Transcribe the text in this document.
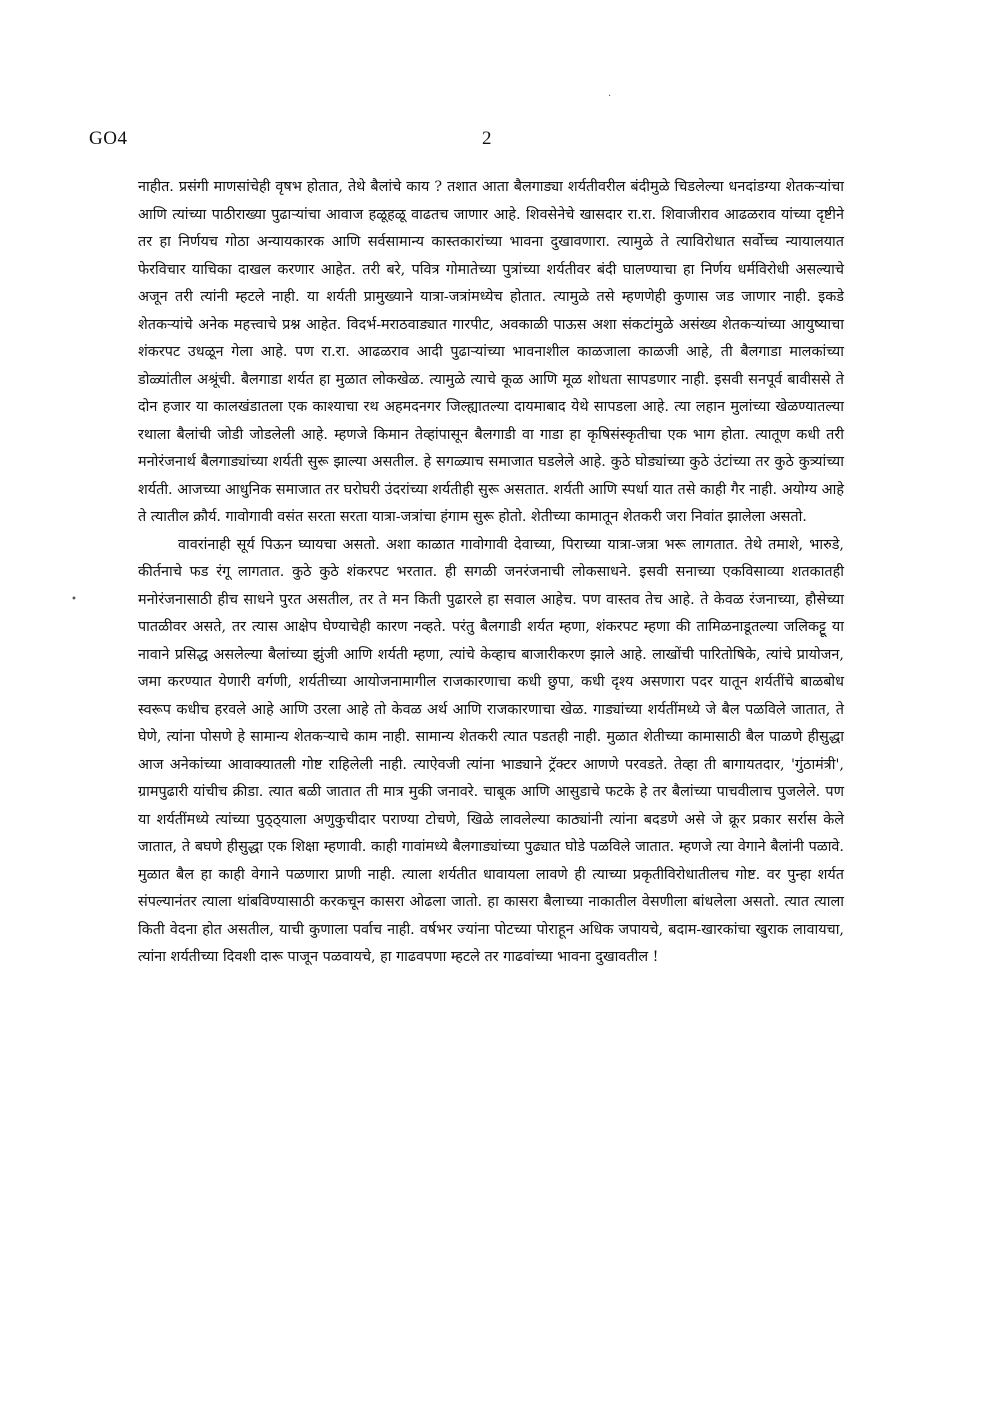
·
•
GO4	2

नाहीत. प्रसंगी माणसांचेही वृषभ होतात, तेथे बैलांचे काय ? तशात आता बैलगाड्या शर्यतीवरील बंदीमुळे चिडलेल्या धनदांडग्या शेतकऱ्यांचा आणि त्यांच्या पाठीराख्या पुढाऱ्यांचा आवाज हळूहळू वाढतच जाणार आहे. शिवसेनेचे खासदार रा.रा. शिवाजीराव आढळराव यांच्या दृष्टीने तर हा निर्णयच गोठा अन्यायकारक आणि सर्वसामान्य कास्तकारांच्या भावना दुखावणारा. त्यामुळे ते त्याविरोधात सर्वोच्च न्यायालयात फेरविचार याचिका दाखल करणार आहेत. तरी बरे, पवित्र गोमातेच्या पुत्रांच्या शर्यतीवर बंदी घालण्याचा हा निर्णय धर्मविरोधी असल्याचे अजून तरी त्यांनी म्हटले नाही. या शर्यती प्रामुख्याने यात्रा-जत्रांमध्येच होतात. त्यामुळे तसे म्हणणेही कुणास जड जाणार नाही. इकडे शेतकऱ्यांचे अनेक महत्त्वाचे प्रश्न आहेत. विदर्भ-मराठवाड्यात गारपीट, अवकाळी पाऊस अशा संकटांमुळे असंख्य शेतकऱ्यांच्या आयुष्याचा शंकरपट उधळून गेला आहे. पण रा.रा. आढळराव आदी पुढाऱ्यांच्या भावनाशील काळजाला काळजी आहे, ती बैलगाडा मालकांच्या डोळ्यांतील अश्रूंची. बैलगाडा शर्यत हा मुळात लोकखेळ. त्यामुळे त्याचे कूळ आणि मूळ शोधता सापडणार नाही. इसवी सनपूर्व बावीससे ते दोन हजार या कालखंडातला एक काश्याचा रथ अहमदनगर जिल्ह्यातल्या दायमाबाद येथे सापडला आहे. त्या लहान मुलांच्या खेळण्यातल्या रथाला बैलांची जोडी जोडलेली आहे. म्हणजे किमान तेव्हांपासून बैलगाडी वा गाडा हा कृषिसंस्कृतीचा एक भाग होता. त्यातूण कधी तरी मनोरंजनार्थ बैलगाड्यांच्या शर्यती सुरू झाल्या असतील. हे सगळ्याच समाजात घडलेले आहे. कुठे घोड्यांच्या कुठे उंटांच्या तर कुठे कुत्र्यांच्या शर्यती. आजच्या आधुनिक समाजात तर घरोघरी उंदरांच्या शर्यतीही सुरू असतात. शर्यती आणि स्पर्धा यात तसे काही गैर नाही. अयोग्य आहे ते त्यातील क्रौर्य. गावोगावी वसंत सरता सरता यात्रा-जत्रांचा हंगाम सुरू होतो. शेतीच्या कामातून शेतकरी जरा निवांत झालेला असतो.

वावरांनाही सूर्य पिऊन घ्यायचा असतो. अशा काळात गावोगावी देवाच्या, पिराच्या यात्रा-जत्रा भरू लागतात. तेथे तमाशे, भारुडे, कीर्तनाचे फड रंगू लागतात. कुठे कुठे शंकरपट भरतात. ही सगळी जनरंजनाची लोकसाधने. इसवी सनाच्या एकविसाव्या शतकातही मनोरंजनासाठी हीच साधने पुरत असतील, तर ते मन किती पुढारले हा सवाल आहेच. पण वास्तव तेच आहे. ते केवळ रंजनाच्या, हौसेच्या पातळीवर असते, तर त्यास आक्षेप घेण्याचेही कारण नव्हते. परंतु बैलगाडी शर्यत म्हणा, शंकरपट म्हणा की तामिळनाडूतल्या जलिकट्टू या नावाने प्रसिद्ध असलेल्या बैलांच्या झुंजी आणि शर्यती म्हणा, त्यांचे केव्हाच बाजारीकरण झाले आहे. लाखोंची पारितोषिके, त्यांचे प्रायोजन, जमा करण्यात येणारी वर्गणी, शर्यतीच्या आयोजनामागील राजकारणाचा कधी छुपा, कधी दृश्य असणारा पदर यातून शर्यतींचे बाळबोध स्वरूप कधीच हरवले आहे आणि उरला आहे तो केवळ अर्थ आणि राजकारणाचा खेळ. गाड्यांच्या शर्यतींमध्ये जे बैल पळविले जातात, ते घेणे, त्यांना पोसणे हे सामान्य शेतकऱ्याचे काम नाही. सामान्य शेतकरी त्यात पडतही नाही. मुळात शेतीच्या कामासाठी बैल पाळणे हीसुद्धा आज अनेकांच्या आवाक्यातली गोष्ट राहिलेली नाही. त्याऐवजी त्यांना भाड्याने ट्रॅक्टर आणणे परवडते. तेव्हा ती बागायतदार, 'गुंठामंत्री', ग्रामपुढारी यांचीच क्रीडा. त्यात बळी जातात ती मात्र मुकी जनावरे. चाबूक आणि आसुडाचे फटके हे तर बैलांच्या पाचवीलाच पुजलेले. पण या शर्यतींमध्ये त्यांच्या पुठ्ठ्याला अणुकुचीदार पराण्या टोचणे, खिळे लावलेल्या काठ्यांनी त्यांना बदडणे असे जे क्रूर प्रकार सर्रास केले जातात, ते बघणे हीसुद्धा एक शिक्षा म्हणावी. काही गावांमध्ये बैलगाड्यांच्या पुढ्यात घोडे पळविले जातात. म्हणजे त्या वेगाने बैलांनी पळावे. मुळात बैल हा काही वेगाने पळणारा प्राणी नाही. त्याला शर्यतीत धावायला लावणे ही त्याच्या प्रकृतीविरोधातीलच गोष्ट. वर पुन्हा शर्यत संपल्यानंतर त्याला थांबविण्यासाठी करकचून कासरा ओढला जातो. हा कासरा बैलाच्या नाकातील वेसणीला बांधलेला असतो. त्यात त्याला किती वेदना होत असतील, याची कुणाला पर्वाच नाही. वर्षभर ज्यांना पोटच्या पोराहून अधिक जपायचे, बदाम-खारकांचा खुराक लावायचा, त्यांना शर्यतीच्या दिवशी दारू पाजून पळवायचे, हा गाढवपणा म्हटले तर गाढवांच्या भावना दुखावतील !
